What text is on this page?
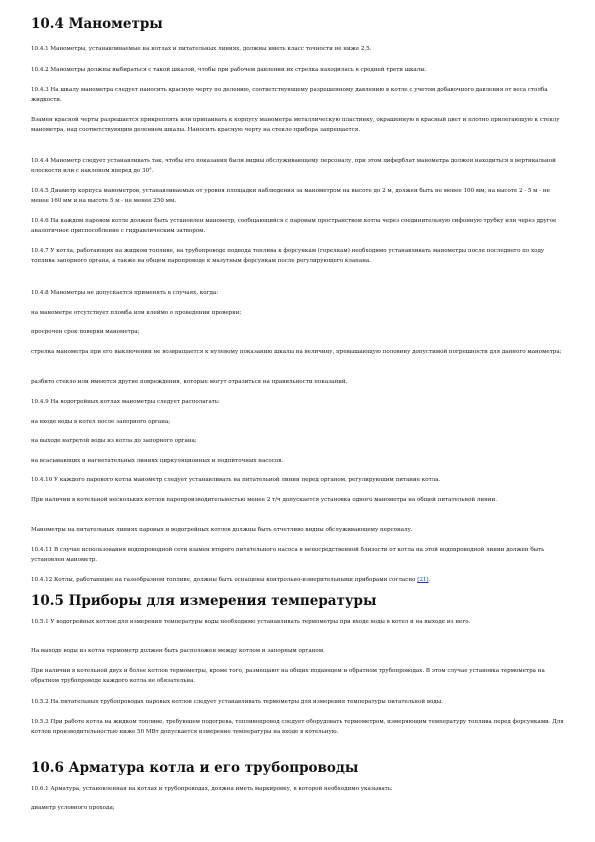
10.4 Манометры

10.4.1 Манометры, устанавливаемые на котлах и питательных линиях, должны иметь класс точности не ниже 2,5.

10.4.2 Манометры должны выбираться с такой шкалой, чтобы при рабочем давлении их стрелка находилась в средней трети шкалы.

10.4.3 На шкалу манометра следует наносить красную черту по делению, соответствующему разрешенному давлению в котле с учетом добавочного давления от веса столба жидкости.

Взамен красной черты разрешается прикреплять или припаивать к корпусу манометра металлическую пластинку, окрашенную в красный цвет и плотно прилегающую к стеклу манометра, над соответствующим делением шкалы. Наносить красную черту на стекло прибора запрещается.

10.4.4 Манометр следует устанавливать так, чтобы его показания были видны обслуживающему персоналу, при этом циферблат манометра должен находиться в вертикальной плоскости или с наклоном вперед до 30°.

10.4.5 Диаметр корпуса манометров, устанавливаемых от уровня площадки наблюдения за манометром на высоте до 2 м, должен быть не менее 100 мм, на высоте 2 - 5 м - не менее 160 мм и на высоте 5 м - не менее 250 мм.

10.4.6 На каждом паровом котле должен быть установлен манометр, сообщающийся с паровым пространством котла через соединительную сифонную трубку или через другое аналогичное приспособление с гидравлическим затвором.

10.4.7 У котла, работающих на жидком топливе, на трубопроводе подвода топлива к форсункам (горелкам) необходимо устанавливать манометры после последнего по ходу топлива запорного органа, а также на общем паропроводе к мазутным форсункам после регулирующего клапана.

10.4.8 Манометры не допускается применять в случаях, когда:

на манометре отсутствует пломба или клеймо о проведении проверки;

просрочен срок поверки манометра;

стрелка манометра при его выключении не возвращается к нулевому показанию шкалы на величину, превышающую половину допустимой погрешности для данного манометра;

разбито стекло или имеются другие повреждения, которые могут отразиться на правильности показаний.

10.4.9 На водогрейных котлах манометры следует располагать:

на входе воды в котел после запорного органа;

на выходе нагретой воды из котла до запорного органа;

на всасывающих и нагнетательных линиях циркуляционных и подпиточных насосов.

10.4.10 У каждого парового котла манометр следует устанавливать на питательной линии перед органом, регулирующим питание котла.

При наличии в котельной нескольких котлов паропроизводительностью менее 2 т/ч допускается установка одного манометра на общей питательной линии.

Манометры на питательных линиях паровых и водогрейных котлов должны быть отчетливо видны обслуживающему персоналу.

10.4.11 В случае использования водопроводной сети взамен второго питательного насоса в непосредственной близости от котла на этой водопроводной линии должен быть установлен манометр.

10.4.12 Котлы, работающие на газообразном топливе, должны быть оснащены контрольно-измерительными приборами согласно [21].

10.5 Приборы для измерения температуры

10.5.1 У водогрейных котлов для измерения температуры воды необходимо устанавливать термометры при входе воды в котел и на выходе из него.

На выходе воды из котла термометр должен быть расположен между котлом и запорным органом.

При наличии в котельной двух и более котлов термометры, кроме того, размещают на общих подающем и обратном трубопроводах. В этом случае установка термометра на обратном трубопроводе каждого котла не обязательна.

10.5.2 На питательных трубопроводах паровых котлов следует устанавливать термометры для измерения температуры питательной воды.

10.5.3 При работе котла на жидком топливе, требующем подогрева, топливопровод следует оборудовать термометром, измеряющим температуру топлива перед форсунками. Для котлов производительностью ниже 50 МВт допускается измерение температуры на входе в котельную.

10.6 Арматура котла и его трубопроводы

10.6.1 Арматура, установленная на котлах и трубопроводах, должна иметь маркировку, в которой необходимо указывать:

диаметр условного прохода;
